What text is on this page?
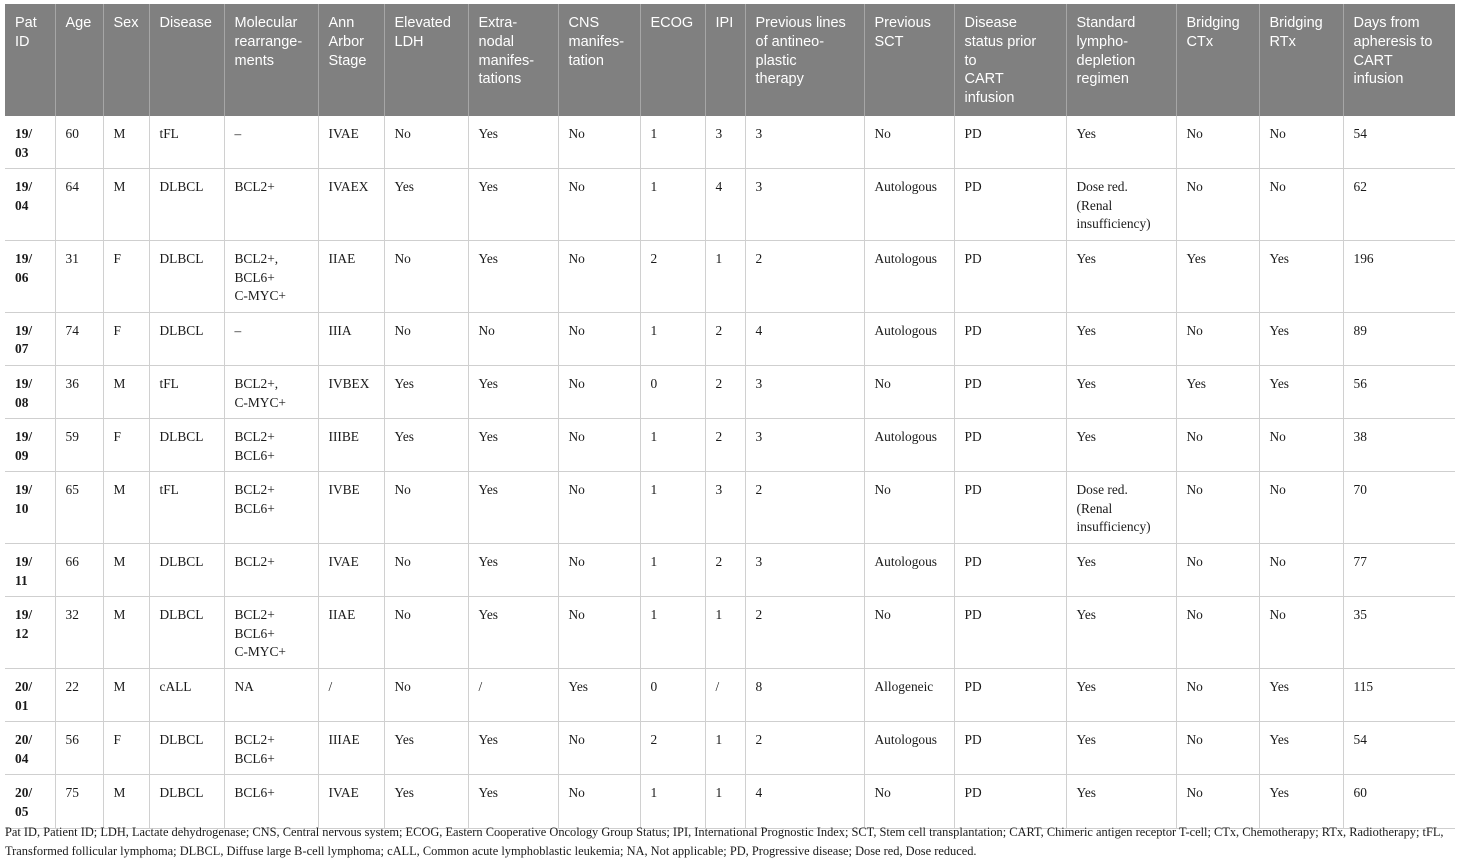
Pat
ID	Age	Sex	Disease	Molecular
rearrange-
ments	Ann
Arbor
Stage	Elevated
LDH	Extra-
nodal
manifes-
tations	CNS
manifes-
tation	ECOG	IPI	Previous lines
of antineo-
plastic
therapy	Previous
SCT	Disease
status prior
to
CART
infusion	Standard
lympho-
depletion
regimen	Bridging
CTx	Bridging
RTx	Days from
apheresis to
CART
infusion

19/
03	60	M	tFL	–	IVAE	No	Yes	No	1	3	3	No	PD	Yes	No	No	54

19/
04	64	M	DLBCL	BCL2+	IVAEX	Yes	Yes	No	1	4	3	Autologous	PD	Dose red.
(Renal
insufficiency)	No	No	62

19/
06	31	F	DLBCL	BCL2+,
BCL6+
C-MYC+	IIAE	No	Yes	No	2	1	2	Autologous	PD	Yes	Yes	Yes	196

19/
07	74	F	DLBCL	–	IIIA	No	No	No	1	2	4	Autologous	PD	Yes	No	Yes	89

19/
08	36	M	tFL	BCL2+,
C-MYC+	IVBEX	Yes	Yes	No	0	2	3	No	PD	Yes	Yes	Yes	56

19/
09	59	F	DLBCL	BCL2+
BCL6+	IIIBE	Yes	Yes	No	1	2	3	Autologous	PD	Yes	No	No	38

19/
10	65	M	tFL	BCL2+
BCL6+	IVBE	No	Yes	No	1	3	2	No	PD	Dose red.
(Renal
insufficiency)	No	No	70

19/
11	66	M	DLBCL	BCL2+	IVAE	No	Yes	No	1	2	3	Autologous	PD	Yes	No	No	77

19/
12	32	M	DLBCL	BCL2+
BCL6+
C-MYC+	IIAE	No	Yes	No	1	1	2	No	PD	Yes	No	No	35

20/
01	22	M	cALL	NA	/	No	/	Yes	0	/	8	Allogeneic	PD	Yes	No	Yes	115

20/
04	56	F	DLBCL	BCL2+
BCL6+	IIIAE	Yes	Yes	No	2	1	2	Autologous	PD	Yes	No	Yes	54

20/
05	75	M	DLBCL	BCL6+	IVAE	Yes	Yes	No	1	1	4	No	PD	Yes	No	Yes	60

Pat ID, Patient ID; LDH, Lactate dehydrogenase; CNS, Central nervous system; ECOG, Eastern Cooperative Oncology Group Status; IPI, International Prognostic Index; SCT, Stem cell transplantation; CART, Chimeric antigen receptor T-cell; CTx, Chemotherapy; RTx, Radiotherapy; tFL, Transformed follicular lymphoma; DLBCL, Diffuse large B-cell lymphoma; cALL, Common acute lymphoblastic leukemia; NA, Not applicable; PD, Progressive disease; Dose red, Dose reduced.
